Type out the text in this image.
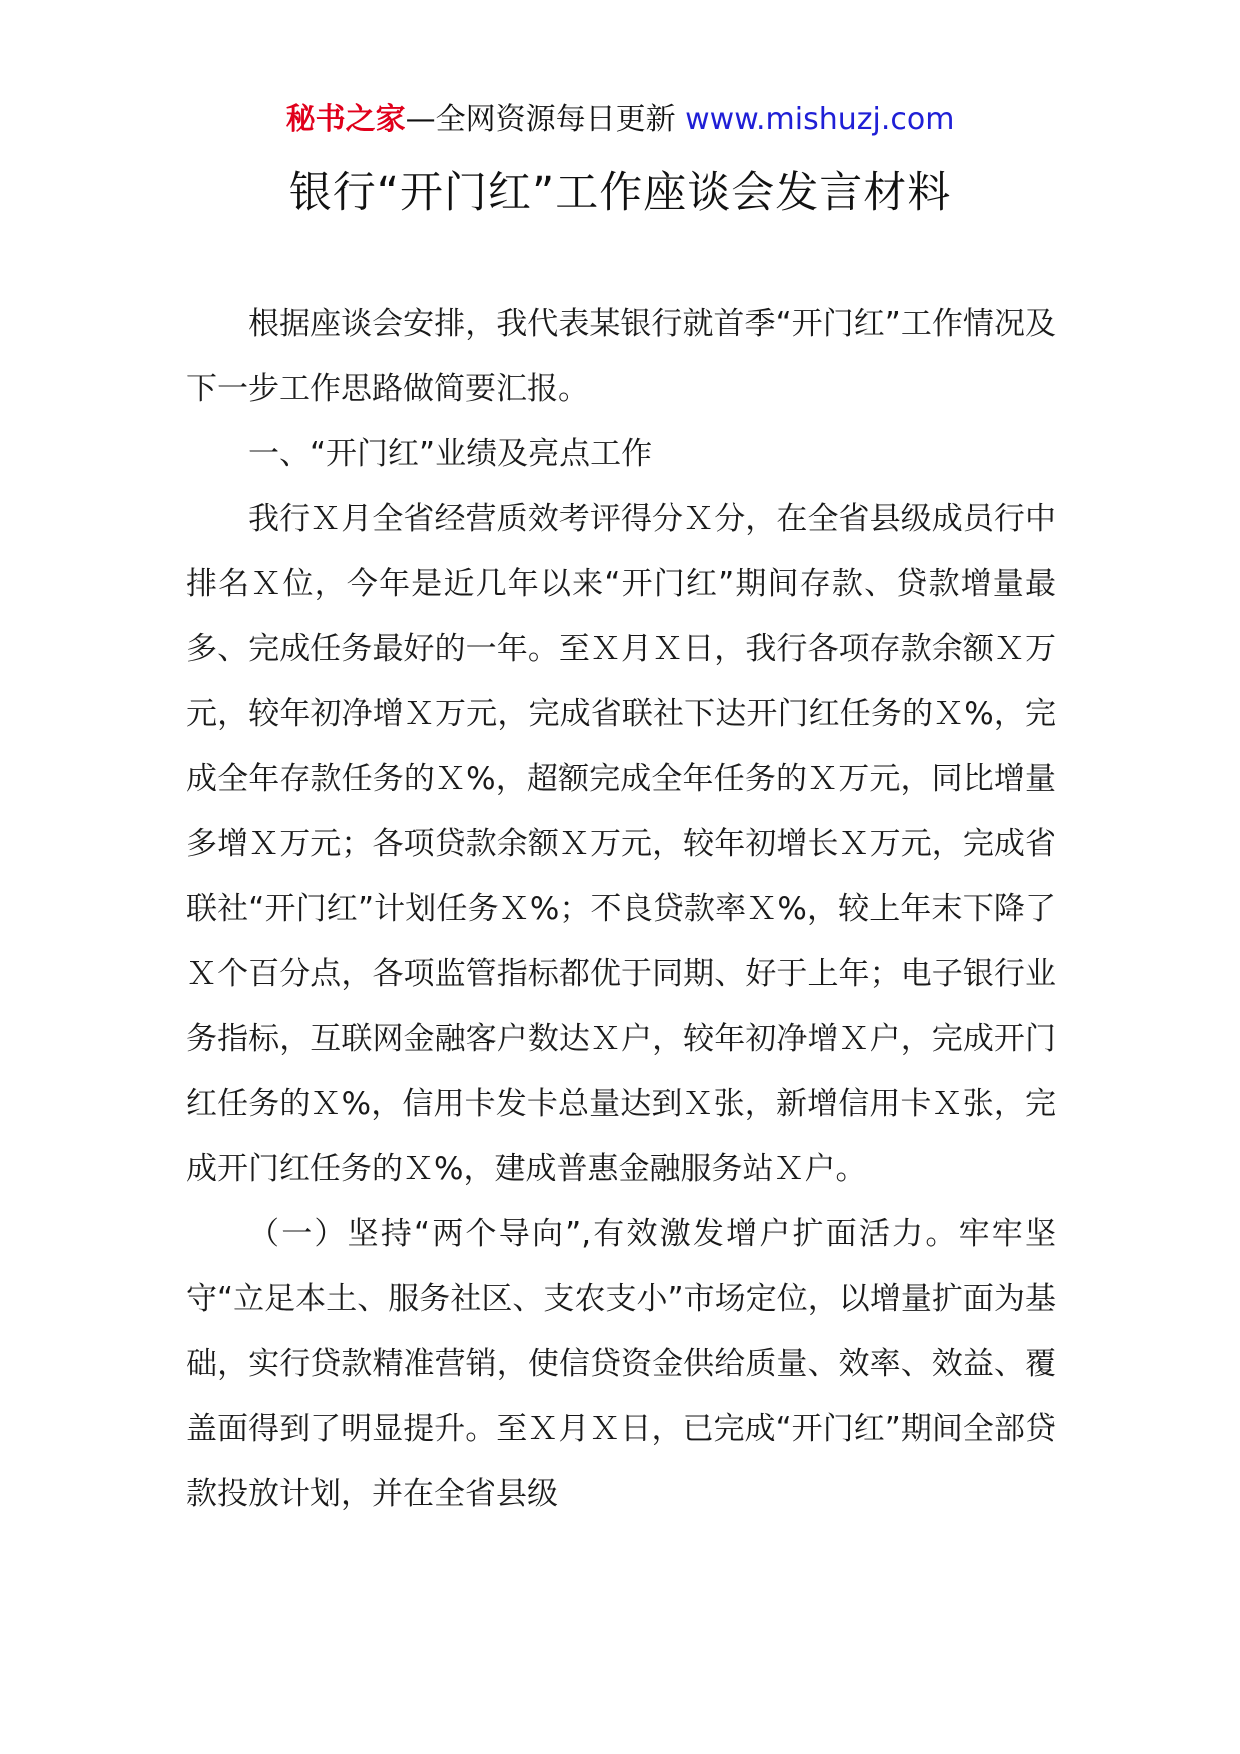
秘书之家—全网资源每日更新 www.mishuzj.com
银行“开门红”工作座谈会发言材料

根据座谈会安排，我代表某银行就首季“开门红”工作情况及下一步工作思路做简要汇报。

一、“开门红”业绩及亮点工作

我行Ｘ月全省经营质效考评得分Ｘ分，在全省县级成员行中排名Ｘ位，今年是近几年以来“开门红”期间存款、贷款增量最多、完成任务最好的一年。至Ｘ月Ｘ日，我行各项存款余额Ｘ万元，较年初净增Ｘ万元，完成省联社下达开门红任务的Ｘ%，完成全年存款任务的Ｘ%，超额完成全年任务的Ｘ万元，同比增量多增Ｘ万元；各项贷款余额Ｘ万元，较年初增长Ｘ万元，完成省联社“开门红”计划任务Ｘ%；不良贷款率Ｘ%，较上年末下降了Ｘ个百分点，各项监管指标都优于同期、好于上年；电子银行业务指标，互联网金融客户数达Ｘ户，较年初净增Ｘ户，完成开门红任务的Ｘ%，信用卡发卡总量达到Ｘ张，新增信用卡Ｘ张，完成开门红任务的Ｘ%，建成普惠金融服务站Ｘ户。

（一）坚持“两个导向”,有效激发增户扩面活力。牢牢坚守“立足本土、服务社区、支农支小”市场定位，以增量扩面为基础，实行贷款精准营销，使信贷资金供给质量、效率、效益、覆盖面得到了明显提升。至Ｘ月Ｘ日，已完成“开门红”期间全部贷款投放计划，并在全省县级
